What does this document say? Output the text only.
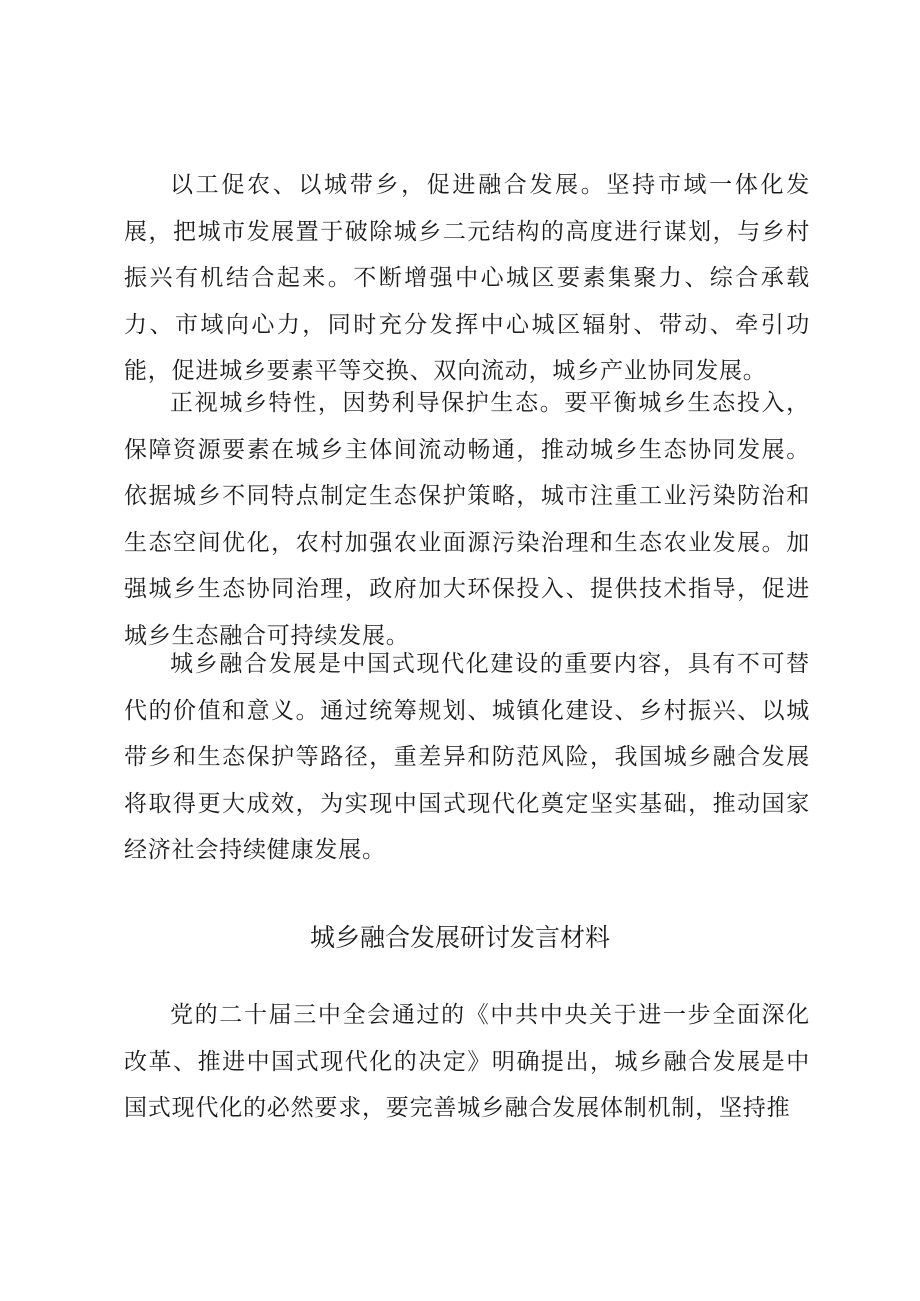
以工促农、以城带乡，促进融合发展。坚持市域一体化发展，把城市发展置于破除城乡二元结构的高度进行谋划，与乡村振兴有机结合起来。不断增强中心城区要素集聚力、综合承载力、市域向心力，同时充分发挥中心城区辐射、带动、牵引功能，促进城乡要素平等交换、双向流动，城乡产业协同发展。

正视城乡特性，因势利导保护生态。要平衡城乡生态投入，保障资源要素在城乡主体间流动畅通，推动城乡生态协同发展。依据城乡不同特点制定生态保护策略，城市注重工业污染防治和生态空间优化，农村加强农业面源污染治理和生态农业发展。加强城乡生态协同治理，政府加大环保投入、提供技术指导，促进城乡生态融合可持续发展。

城乡融合发展是中国式现代化建设的重要内容，具有不可替代的价值和意义。通过统筹规划、城镇化建设、乡村振兴、以城带乡和生态保护等路径，重差异和防范风险，我国城乡融合发展将取得更大成效，为实现中国式现代化奠定坚实基础，推动国家经济社会持续健康发展。

城乡融合发展研讨发言材料

党的二十届三中全会通过的《中共中央关于进一步全面深化改革、推进中国式现代化的决定》明确提出，城乡融合发展是中国式现代化的必然要求，要完善城乡融合发展体制机制，坚持推
